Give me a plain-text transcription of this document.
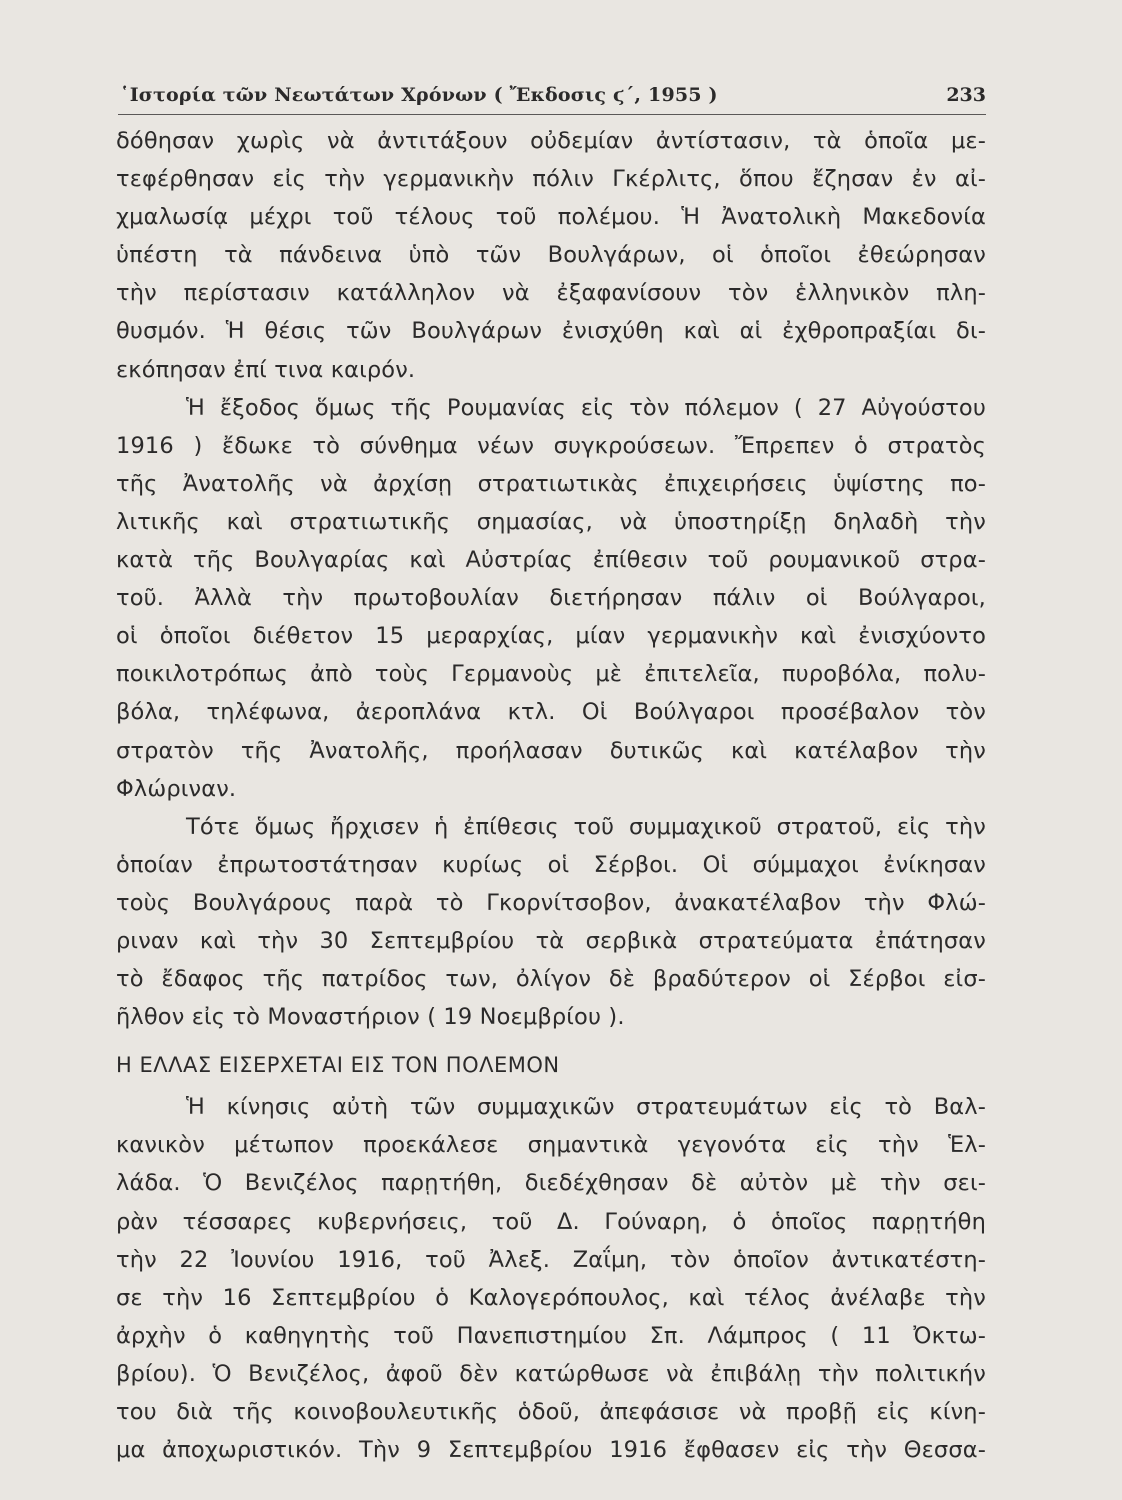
῾Ιστορία τῶν Νεωτάτων Χρόνων ( Ἔκδοσις ϛ΄, 1955 )	233
δόθησαν χωρὶς νὰ ἀντιτάξουν οὐδεμίαν ἀντίστασιν, τὰ ὁποῖα με-
τεφέρθησαν εἰς τὴν γερμανικὴν πόλιν Γκέρλιτς, ὅπου ἔζησαν ἐν αἰ-
χμαλωσίᾳ μέχρι τοῦ τέλους τοῦ πολέμου. Ἡ Ἀνατολικὴ Μακεδονία
ὑπέστη τὰ πάνδεινα ὑπὸ τῶν Βουλγάρων, οἱ ὁποῖοι ἐθεώρησαν
τὴν περίστασιν κατάλληλον νὰ ἐξαφανίσουν τὸν ἑλληνικὸν πλη-
θυσμόν. Ἡ θέσις τῶν Βουλγάρων ἐνισχύθη καὶ αἱ ἐχθροπραξίαι δι-
εκόπησαν ἐπί τινα καιρόν.
Ἡ ἔξοδος ὅμως τῆς Ρουμανίας εἰς τὸν πόλεμον ( 27 Αὐγούστου
1916 ) ἔδωκε τὸ σύνθημα νέων συγκρούσεων. Ἔπρεπεν ὁ στρατὸς
τῆς Ἀνατολῆς νὰ ἀρχίσῃ στρατιωτικὰς ἐπιχειρήσεις ὑψίστης πο-
λιτικῆς καὶ στρατιωτικῆς σημασίας, νὰ ὑποστηρίξῃ δηλαδὴ τὴν
κατὰ τῆς Βουλγαρίας καὶ Αὐστρίας ἐπίθεσιν τοῦ ρουμανικοῦ στρα-
τοῦ. Ἀλλὰ τὴν πρωτοβουλίαν διετήρησαν πάλιν οἱ Βούλγαροι,
οἱ ὁποῖοι διέθετον 15 μεραρχίας, μίαν γερμανικὴν καὶ ἐνισχύοντο
ποικιλοτρόπως ἀπὸ τοὺς Γερμανοὺς μὲ ἐπιτελεῖα, πυροβόλα, πολυ-
βόλα, τηλέφωνα, ἀεροπλάνα κτλ. Οἱ Βούλγαροι προσέβαλον τὸν
στρατὸν τῆς Ἀνατολῆς, προήλασαν δυτικῶς καὶ κατέλαβον τὴν
Φλώριναν.
Τότε ὅμως ἤρχισεν ἡ ἐπίθεσις τοῦ συμμαχικοῦ στρατοῦ, εἰς τὴν
ὁποίαν ἐπρωτοστάτησαν κυρίως οἱ Σέρβοι. Οἱ σύμμαχοι ἐνίκησαν
τοὺς Βουλγάρους παρὰ τὸ Γκορνίτσοβον, ἀνακατέλαβον τὴν Φλώ-
ριναν καὶ τὴν 30 Σεπτεμβρίου τὰ σερβικὰ στρατεύματα ἐπάτησαν
τὸ ἔδαφος τῆς πατρίδος των, ὀλίγον δὲ βραδύτερον οἱ Σέρβοι εἰσ-
ῆλθον εἰς τὸ Μοναστήριον ( 19 Νοεμβρίου ).
Η ΕΛΛΑΣ ΕΙΣΕΡΧΕΤΑΙ ΕΙΣ ΤΟΝ ΠΟΛΕΜΟΝ
Ἡ κίνησις αὐτὴ τῶν συμμαχικῶν στρατευμάτων εἰς τὸ Βαλ-
κανικὸν μέτωπον προεκάλεσε σημαντικὰ γεγονότα εἰς τὴν Ἑλ-
λάδα. Ὁ Βενιζέλος παρῃτήθη, διεδέχθησαν δὲ αὐτὸν μὲ τὴν σει-
ρὰν τέσσαρες κυβερνήσεις, τοῦ Δ. Γούναρη, ὁ ὁποῖος παρῃτήθη
τὴν 22 Ἰουνίου 1916, τοῦ Ἀλεξ. Ζαΐμη, τὸν ὁποῖον ἀντικατέστη-
σε τὴν 16 Σεπτεμβρίου ὁ Καλογερόπουλος, καὶ τέλος ἀνέλαβε τὴν
ἀρχὴν ὁ καθηγητὴς τοῦ Πανεπιστημίου Σπ. Λάμπρος ( 11 Ὀκτω-
βρίου). Ὁ Βενιζέλος, ἀφοῦ δὲν κατώρθωσε νὰ ἐπιβάλῃ τὴν πολιτικήν
του διὰ τῆς κοινοβουλευτικῆς ὁδοῦ, ἀπεφάσισε νὰ προβῇ εἰς κίνη-
μα ἀποχωριστικόν. Τὴν 9 Σεπτεμβρίου 1916 ἔφθασεν εἰς τὴν Θεσσα-
